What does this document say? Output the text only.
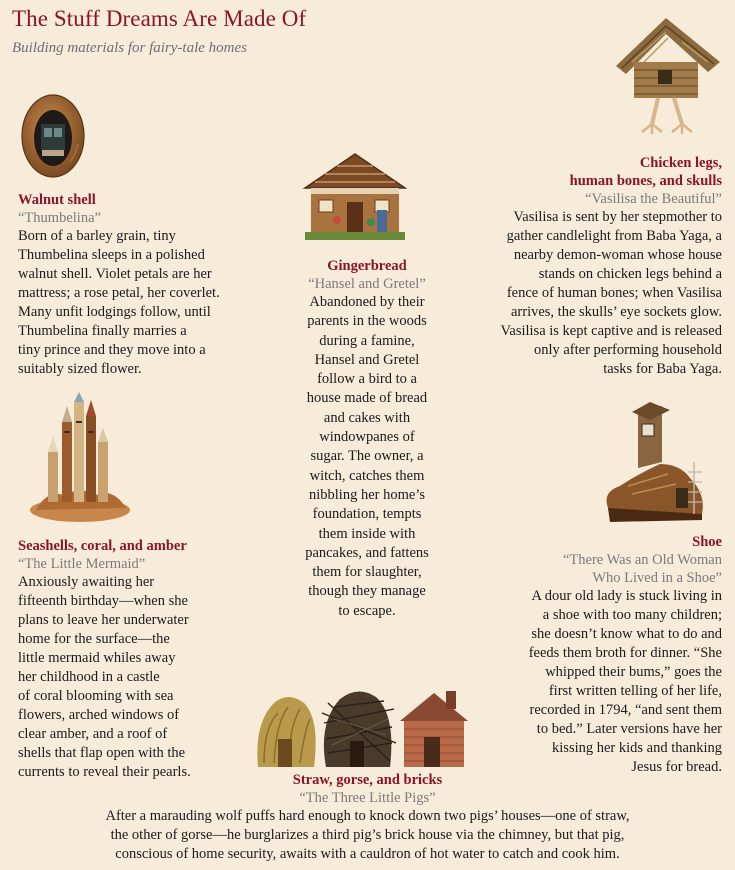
The Stuff Dreams Are Made Of
Building materials for fairy-tale homes
Walnut shell
“Thumbelina”
Born of a barley grain, tiny
Thumbelina sleeps in a polished
walnut shell. Violet petals are her
mattress; a rose petal, her coverlet.
Many unfit lodgings follow, until
Thumbelina finally marries a
tiny prince and they move into a
suitably sized flower.
Gingerbread
“Hansel and Gretel”
Abandoned by their
parents in the woods
during a famine,
Hansel and Gretel
follow a bird to a
house made of bread
and cakes with
windowpanes of
sugar. The owner, a
witch, catches them
nibbling her home’s
foundation, tempts
them inside with
pancakes, and fattens
them for slaughter,
though they manage
to escape.
Chicken legs,
human bones, and skulls
“Vasilisa the Beautiful”
Vasilisa is sent by her stepmother to
gather candlelight from Baba Yaga, a
nearby demon-woman whose house
stands on chicken legs behind a
fence of human bones; when Vasilisa
arrives, the skulls’ eye sockets glow.
Vasilisa is kept captive and is released
only after performing household
tasks for Baba Yaga.
Seashells, coral, and amber
“The Little Mermaid”
Anxiously awaiting her
fifteenth birthday—when she
plans to leave her underwater
home for the surface—the
little mermaid whiles away
her childhood in a castle
of coral blooming with sea
flowers, arched windows of
clear amber, and a roof of
shells that flap open with the
currents to reveal their pearls.
Shoe
“There Was an Old Woman
Who Lived in a Shoe”
A dour old lady is stuck living in
a shoe with too many children;
she doesn’t know what to do and
feeds them broth for dinner. “She
whipped their bums,” goes the
first written telling of her life,
recorded in 1794, “and sent them
to bed.” Later versions have her
kissing her kids and thanking
Jesus for bread.
Straw, gorse, and bricks
“The Three Little Pigs”
After a marauding wolf puffs hard enough to knock down two pigs’ houses—one of straw,
the other of gorse—he burglarizes a third pig’s brick house via the chimney, but that pig,
conscious of home security, awaits with a cauldron of hot water to catch and cook him.
